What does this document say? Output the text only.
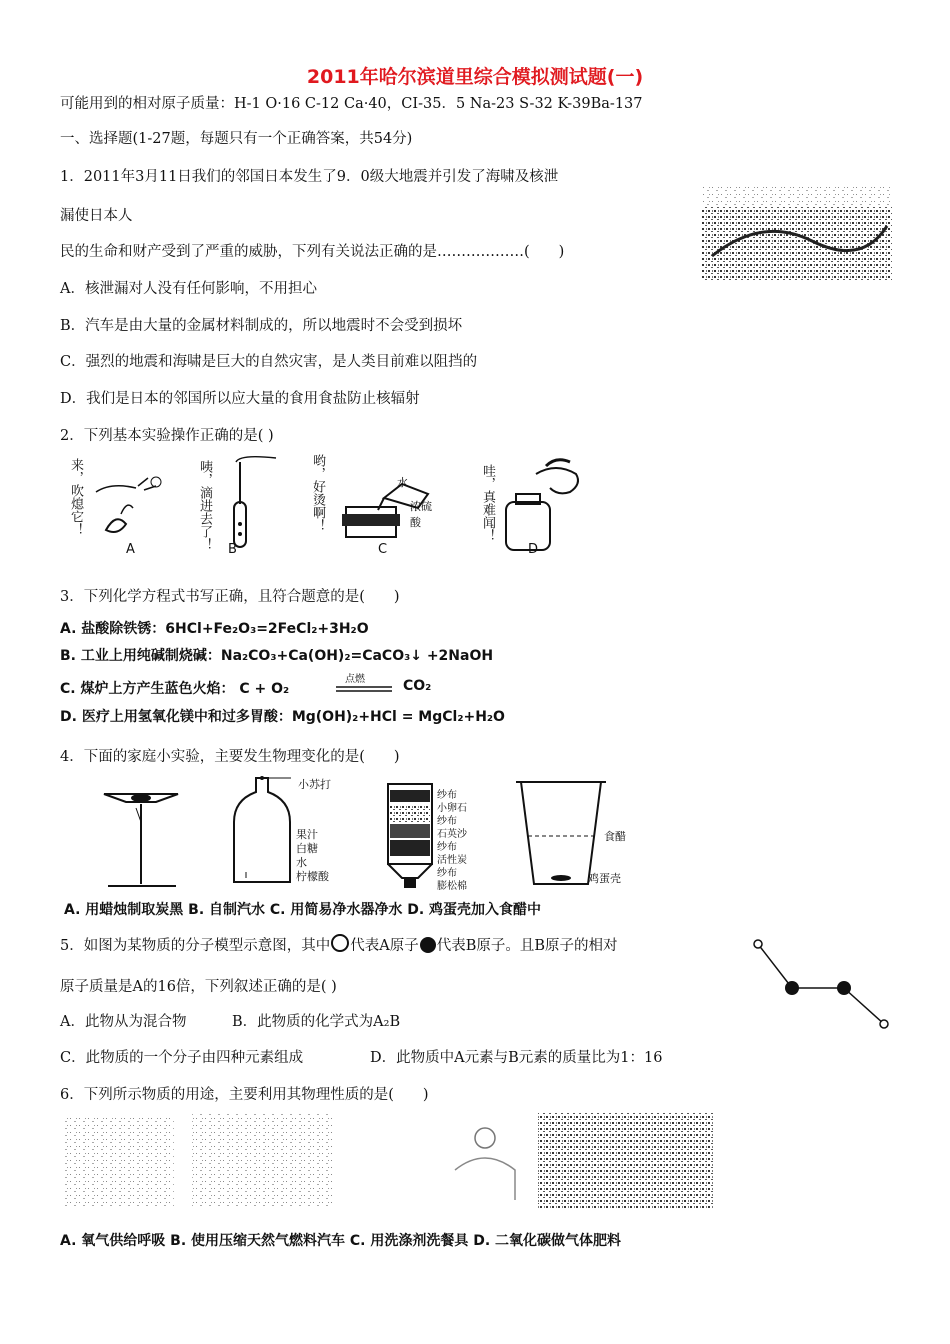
2011年哈尔滨道里综合模拟测试题(一)
可能用到的相对原子质量：H-1 O·16 C-12 Ca·40，CI-35．5 Na-23 S-32 K-39Ba-137
一、选择题(1-27题，每题只有一个正确答案，共54分)
1．2011年3月11日我们的邻国日本发生了9．0级大地震并引发了海啸及核泄
漏使日本人
民的生命和财产受到了严重的威胁，下列有关说法正确的是………………(　　)
A．核泄漏对人没有任何影响，不用担心
B．汽车是由大量的金属材料制成的，所以地震时不会受到损坏
C．强烈的地震和海啸是巨大的自然灾害，是人类目前难以阻挡的
D．我们是日本的邻国所以应大量的食用食盐防止核辐射
2．下列基本实验操作正确的是( )
来，吹熄它！	咦，滴进去了！	哟，好烫啊！	哇，真难闻！
水
浓硫酸
A	B	C	D
3．下列化学方程式书写正确，且符合题意的是(　　)
A. 盐酸除铁锈：6HCl+Fe₂O₃=2FeCl₂+3H₂O
B. 工业上用纯碱制烧碱：Na₂CO₃+Ca(OH)₂=CaCO₃↓ +2NaOH
C. 煤炉上方产生蓝色火焰： C + O₂
点燃	CO₂
D. 医疗上用氢氧化镁中和过多胃酸：Mg(OH)₂+HCl = MgCl₂+H₂O
4．下面的家庭小实验，主要发生物理变化的是(　　)
小苏打
果汁
白糖
水
柠檬酸
纱布
小卵石
纱布
石英沙
纱布
活性炭
纱布
膨松棉
食醋
鸡蛋壳
A. 用蜡烛制取炭黑 B. 自制汽水 C. 用简易净水器净水 D. 鸡蛋壳加入食醋中
5．如图为某物质的分子模型示意图，其中 代表A原子 代表B原子。且B原子的相对
原子质量是A的16倍，下列叙述正确的是( )
A．此物从为混合物	B．此物质的化学式为A₂B
C．此物质的一个分子由四种元素组成	D．此物质中A元素与B元素的质量比为1：16
6．下列所示物质的用途，主要利用其物理性质的是(　　)
A. 氧气供给呼吸 B. 使用压缩天然气燃料汽车 C. 用洗涤剂洗餐具 D. 二氧化碳做气体肥料
